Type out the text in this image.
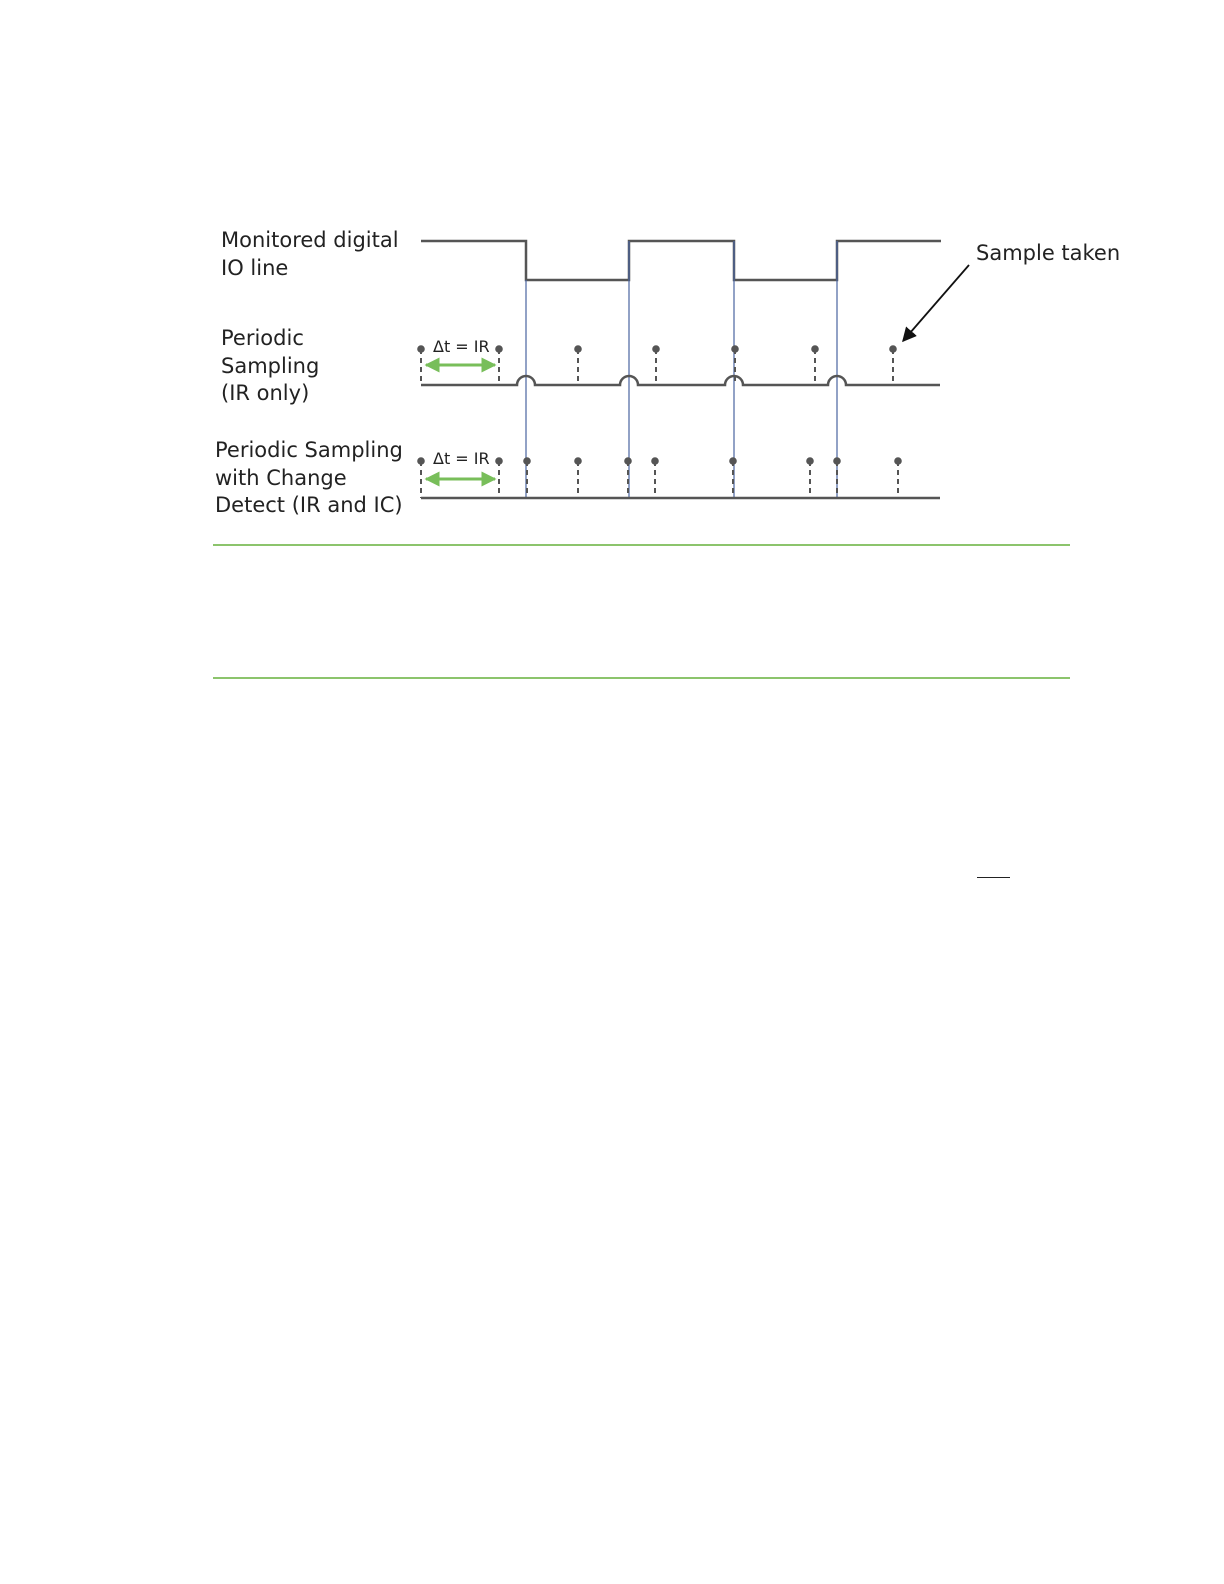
Monitored digital IO line
Periodic Sampling (IR only)
Periodic Sampling with Change Detect (IR and IC)
Δt = IR
Δt = IR
Sample taken
